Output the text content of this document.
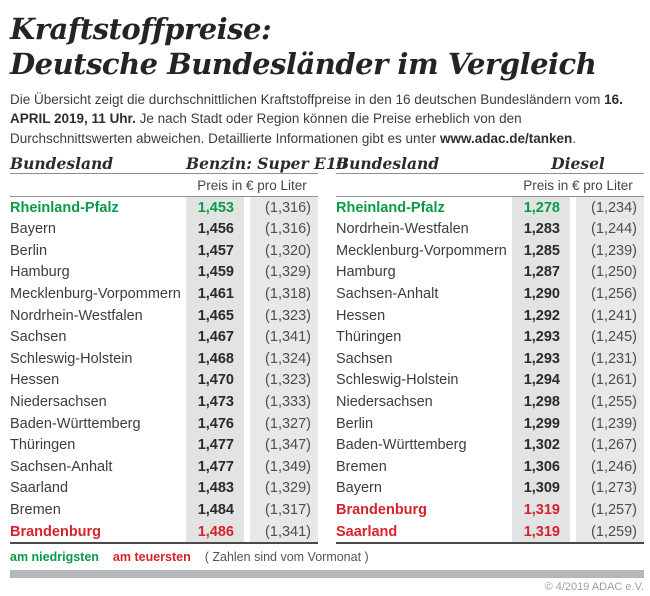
Kraftstoffpreise:
Deutsche Bundesländer im Vergleich

Die Übersicht zeigt die durchschnittlichen Kraftstoffpreise in den 16 deutschen Bundesländern vom 16. APRIL 2019, 11 Uhr. Je nach Stadt oder Region können die Preise erheblich von den Durchschnittswerten abweichen. Detaillierte Informationen gibt es unter www.adac.de/tanken.

Bundesland	Benzin: Super E10
Preis in € pro Liter
Rheinland-Pfalz	1,453	(1,316)
Bayern	1,456	(1,316)
Berlin	1,457	(1,320)
Hamburg	1,459	(1,329)
Mecklenburg-Vorpommern	1,461	(1,318)
Nordrhein-Westfalen	1,465	(1,323)
Sachsen	1,467	(1,341)
Schleswig-Holstein	1,468	(1,324)
Hessen	1,470	(1,323)
Niedersachsen	1,473	(1,333)
Baden-Württemberg	1,476	(1,327)
Thüringen	1,477	(1,347)
Sachsen-Anhalt	1,477	(1,349)
Saarland	1,483	(1,329)
Bremen	1,484	(1,317)
Brandenburg	1,486	(1,341)
Bundesland	Diesel
Preis in € pro Liter
Rheinland-Pfalz	1,278	(1,234)
Nordrhein-Westfalen	1,283	(1,244)
Mecklenburg-Vorpommern	1,285	(1,239)
Hamburg	1,287	(1,250)
Sachsen-Anhalt	1,290	(1,256)
Hessen	1,292	(1,241)
Thüringen	1,293	(1,245)
Sachsen	1,293	(1,231)
Schleswig-Holstein	1,294	(1,261)
Niedersachsen	1,298	(1,255)
Berlin	1,299	(1,239)
Baden-Württemberg	1,302	(1,267)
Bremen	1,306	(1,246)
Bayern	1,309	(1,273)
Brandenburg	1,319	(1,257)
Saarland	1,319	(1,259)
am niedrigsten am teuersten ( Zahlen sind vom Vormonat )
© 4/2019 ADAC e.V.
